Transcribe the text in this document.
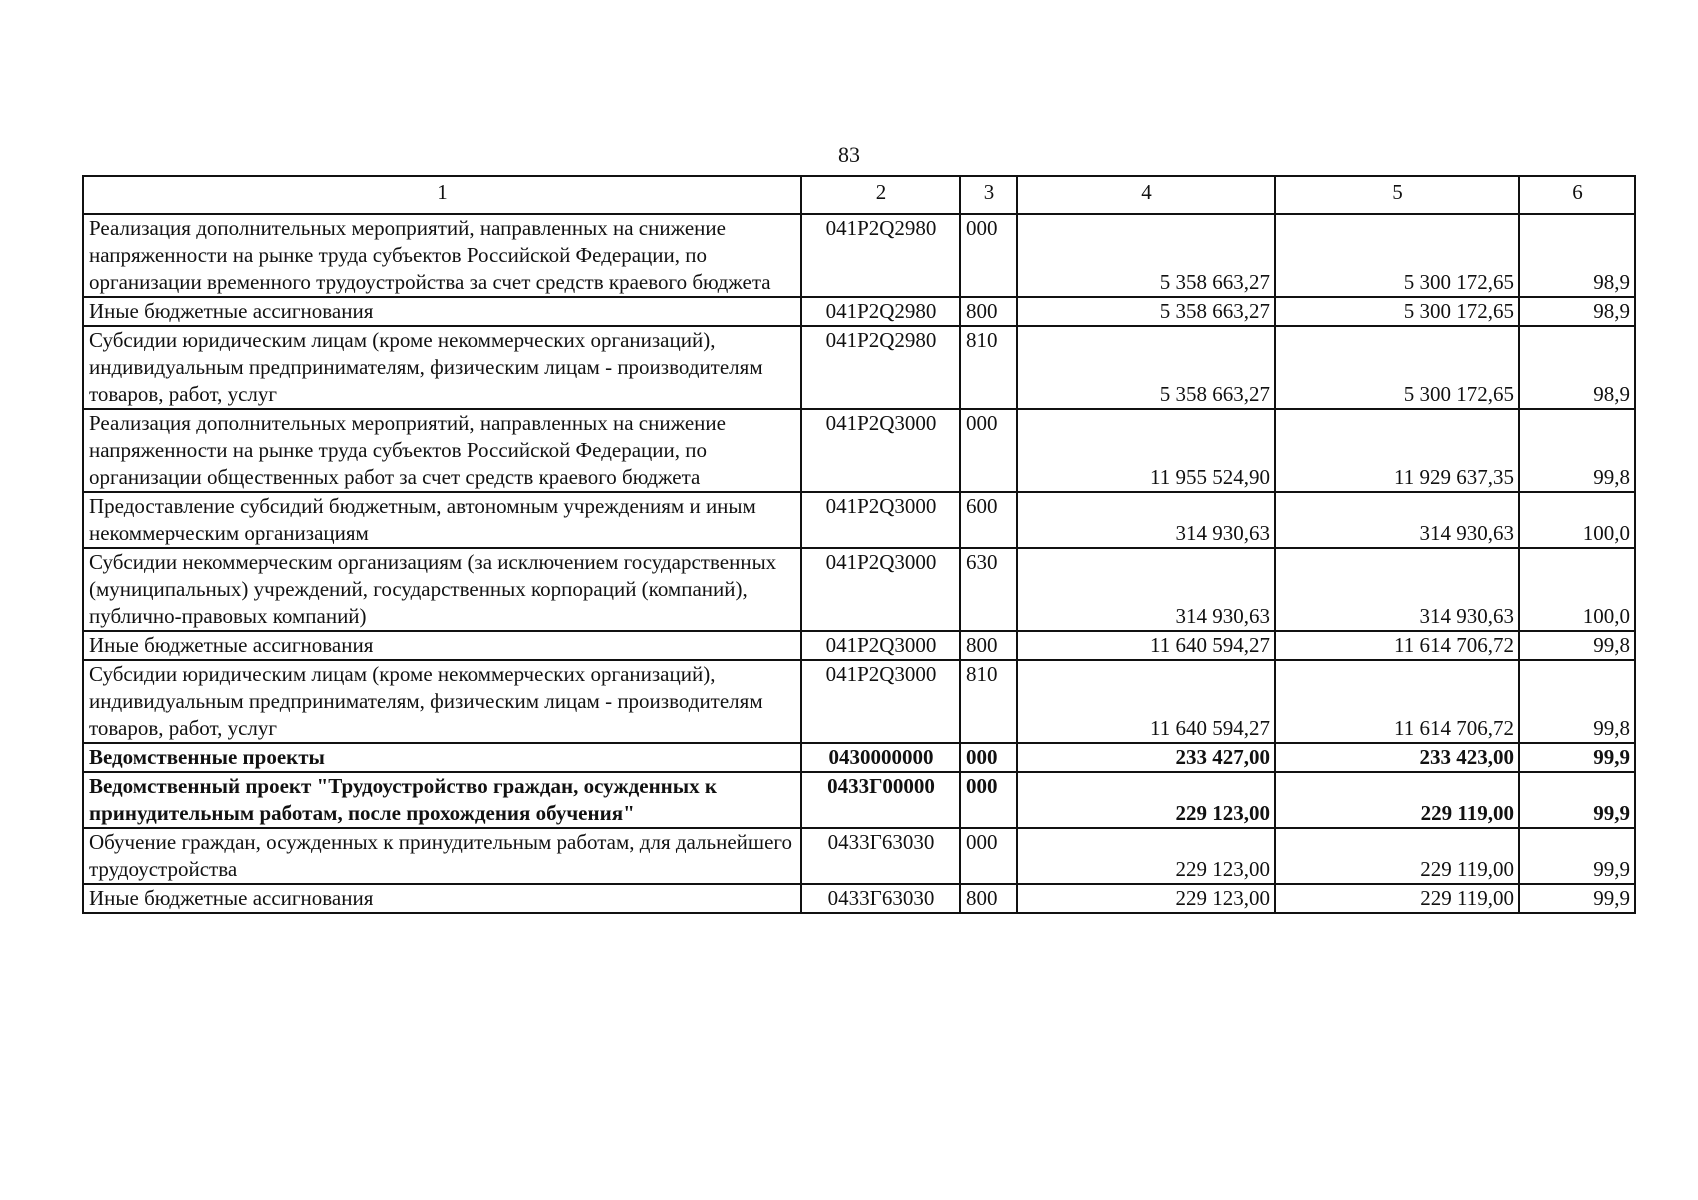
83
1	2	3	4	5	6
Реализация дополнительных мероприятий, направленных на снижение напряженности на рынке труда субъектов Российской Федерации, по организации временного трудоустройства за счет средств краевого бюджета	041P2Q2980	000	5 358 663,27	5 300 172,65	98,9
Иные бюджетные ассигнования	041P2Q2980	800	5 358 663,27	5 300 172,65	98,9
Субсидии юридическим лицам (кроме некоммерческих организаций), индивидуальным предпринимателям, физическим лицам - производителям товаров, работ, услуг	041P2Q2980	810	5 358 663,27	5 300 172,65	98,9
Реализация дополнительных мероприятий, направленных на снижение напряженности на рынке труда субъектов Российской Федерации, по организации общественных работ за счет средств краевого бюджета	041P2Q3000	000	11 955 524,90	11 929 637,35	99,8
Предоставление субсидий бюджетным, автономным учреждениям и иным некоммерческим организациям	041P2Q3000	600	314 930,63	314 930,63	100,0
Субсидии некоммерческим организациям (за исключением государственных (муниципальных) учреждений, государственных корпораций (компаний), публично-правовых компаний)	041P2Q3000	630	314 930,63	314 930,63	100,0
Иные бюджетные ассигнования	041P2Q3000	800	11 640 594,27	11 614 706,72	99,8
Субсидии юридическим лицам (кроме некоммерческих организаций), индивидуальным предпринимателям, физическим лицам - производителям товаров, работ, услуг	041P2Q3000	810	11 640 594,27	11 614 706,72	99,8
Ведомственные проекты	0430000000	000	233 427,00	233 423,00	99,9
Ведомственный проект "Трудоустройство граждан, осужденных к принудительным работам, после прохождения обучения"	0433Г00000	000	229 123,00	229 119,00	99,9
Обучение граждан, осужденных к принудительным работам, для дальнейшего трудоустройства	0433Г63030	000	229 123,00	229 119,00	99,9
Иные бюджетные ассигнования	0433Г63030	800	229 123,00	229 119,00	99,9
